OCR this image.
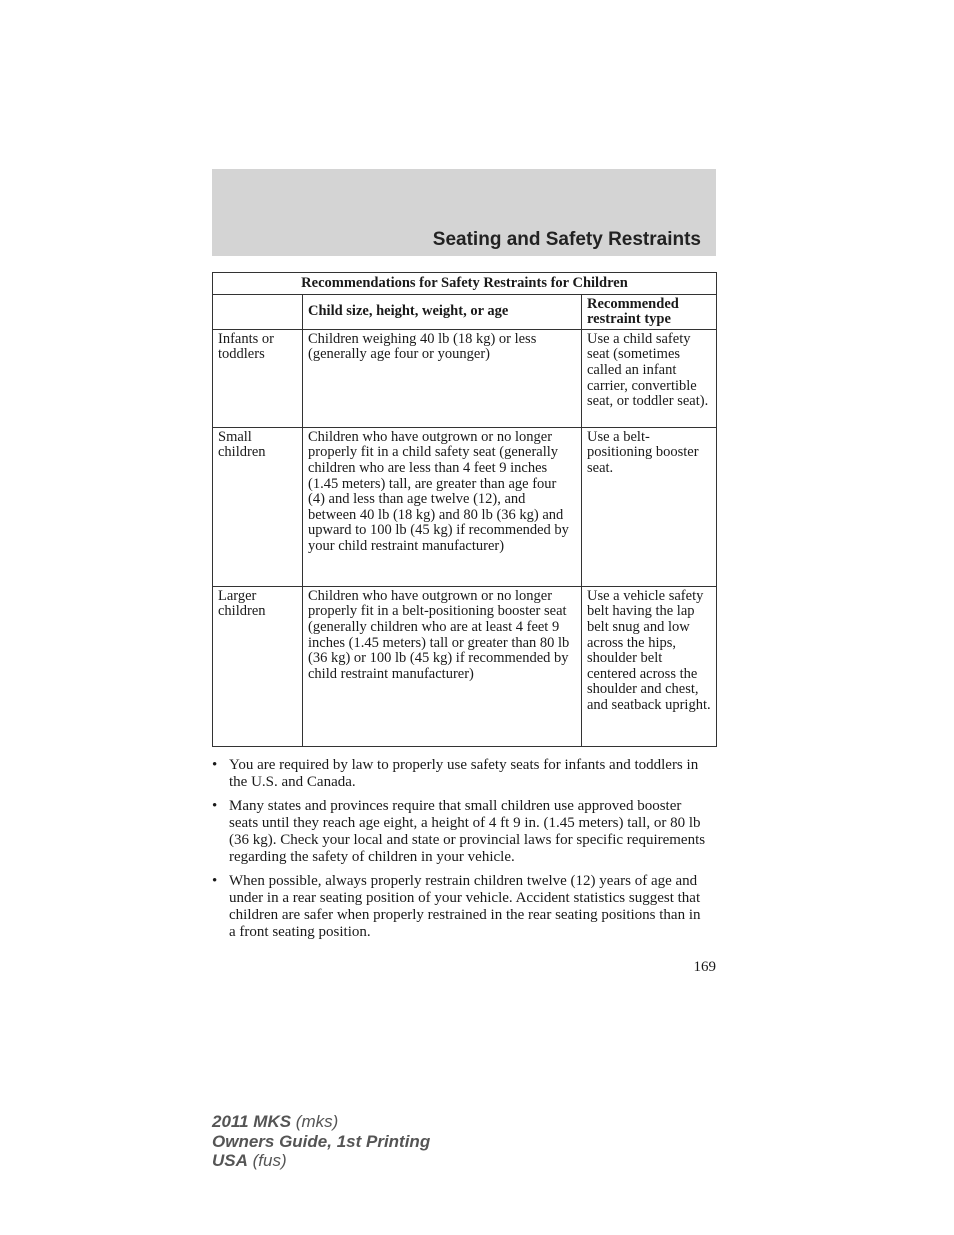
Seating and Safety Restraints
Recommendations for Safety Restraints for Children		
	Child size, height, weight, or age	Recommended restraint type
Infants or toddlers	Children weighing 40 lb (18 kg) or less (generally age four or younger)	Use a child safety seat (sometimes called an infant carrier, convertible seat, or toddler seat).
Small children	Children who have outgrown or no longer properly fit in a child safety seat (generally children who are less than 4 feet 9 inches (1.45 meters) tall, are greater than age four (4) and less than age twelve (12), and between 40 lb (18 kg) and 80 lb (36 kg) and upward to 100 lb (45 kg) if recommended by your child restraint manufacturer)	Use a belt-positioning booster seat.
Larger children	Children who have outgrown or no longer properly fit in a belt-positioning booster seat (generally children who are at least 4 feet 9 inches (1.45 meters) tall or greater than 80 lb (36 kg) or 100 lb (45 kg) if recommended by child restraint manufacturer)	Use a vehicle safety belt having the lap belt snug and low across the hips, shoulder belt centered across the shoulder and chest, and seatback upright.
• You are required by law to properly use safety seats for infants and toddlers in the U.S. and Canada.
• Many states and provinces require that small children use approved booster seats until they reach age eight, a height of 4 ft 9 in. (1.45 meters) tall, or 80 lb (36 kg). Check your local and state or provincial laws for specific requirements regarding the safety of children in your vehicle.
• When possible, always properly restrain children twelve (12) years of age and under in a rear seating position of your vehicle. Accident statistics suggest that children are safer when properly restrained in the rear seating positions than in a front seating position.
169
2011 MKS (mks)
Owners Guide, 1st Printing
USA (fus)
